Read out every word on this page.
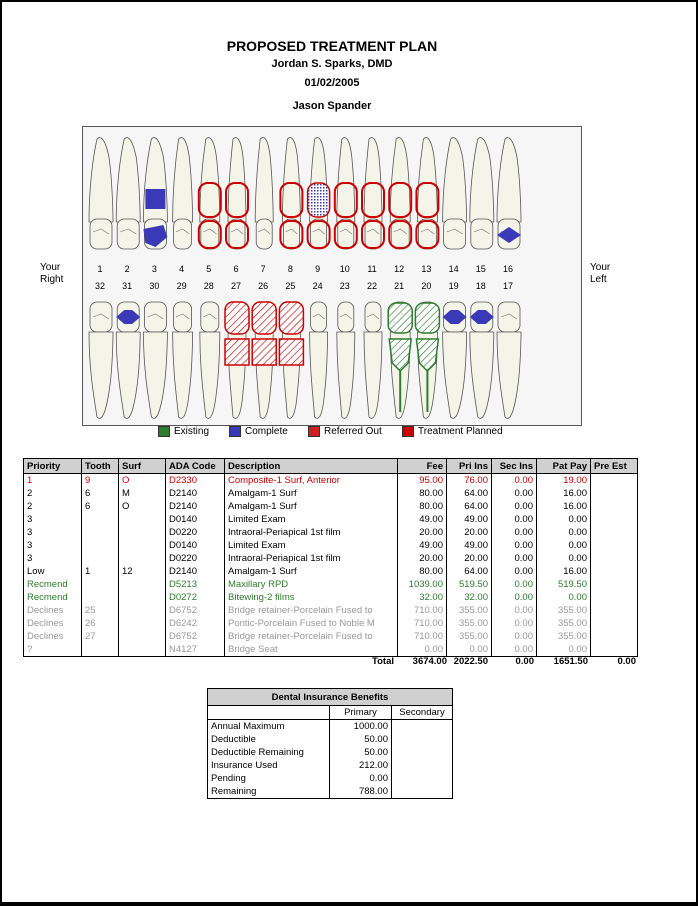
PROPOSED TREATMENT PLAN
Jordan S. Sparks, DMD
01/02/2005
Jason Spander
Your
Right
Your
Left
1	2	3	4	5	6	7	8	9	10	11	12	13	14	15	16
32	31	30	29	28	27	26	25	24	23	22	21	20	19	18	17
Existing	Complete	Referred Out	Treatment Planned
Priority	Tooth	Surf	ADA Code	Description	Fee	Pri Ins	Sec Ins	Pat Pay	Pre Est
1	9	O	D2330	Composite-1 Surf, Anterior	95.00	76.00	0.00	19.00	
2	6	M	D2140	Amalgam-1 Surf	80.00	64.00	0.00	16.00	
2	6	O	D2140	Amalgam-1 Surf	80.00	64.00	0.00	16.00	
3			D0140	Limited Exam	49.00	49.00	0.00	0.00	
3			D0220	Intraoral-Periapical 1st film	20.00	20.00	0.00	0.00	
3			D0140	Limited Exam	49.00	49.00	0.00	0.00	
3			D0220	Intraoral-Periapical 1st film	20.00	20.00	0.00	0.00	
Low	1	12	D2140	Amalgam-1 Surf	80.00	64.00	0.00	16.00	
Recmend			D5213	Maxillary RPD	1039.00	519.50	0.00	519.50	
Recmend			D0272	Bitewing-2 films	32.00	32.00	0.00	0.00	
Declines	25		D6752	Bridge retainer-Porcelain Fused to	710.00	355.00	0.00	355.00	
Declines	26		D6242	Pontic-Porcelain Fused to Noble M	710.00	355.00	0.00	355.00	
Declines	27		D6752	Bridge retainer-Porcelain Fused to	710.00	355.00	0.00	355.00	
?			N4127	Bridge Seat	0.00	0.00	0.00	0.00	
Total	3674.00 2022.50	0.00	1651.50	0.00
Dental Insurance Benefits		
	Primary	Secondary
Annual Maximum	1000.00	
Deductible	50.00	
Deductible Remaining	50.00	
Insurance Used	212.00	
Pending	0.00	
Remaining	788.00	
